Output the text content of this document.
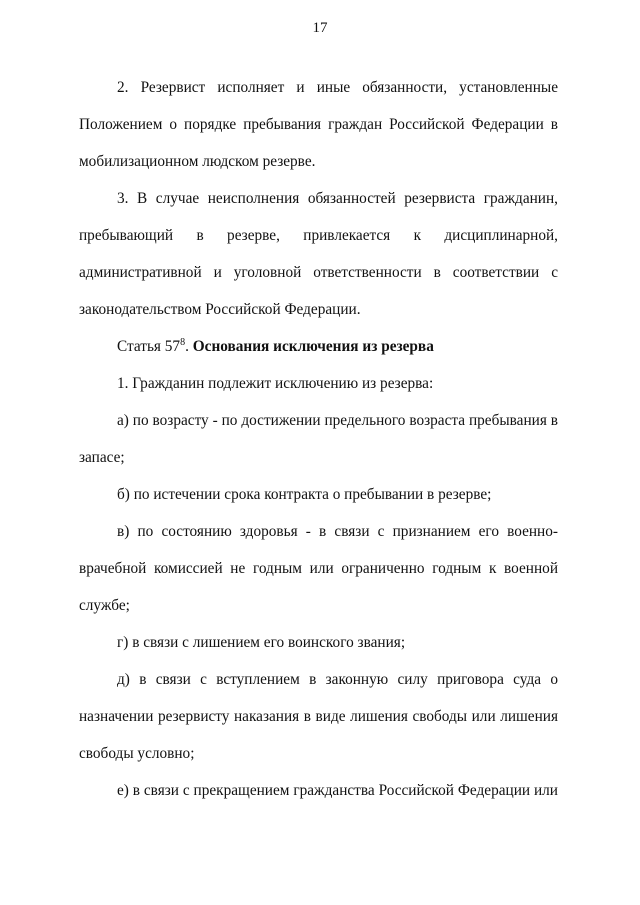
17

2. Резервист исполняет и иные обязанности, установленные
Положением о порядке пребывания граждан Российской Федерации в
мобилизационном людском резерве.

3. В случае неисполнения обязанностей резервиста гражданин,
пребывающий в резерве, привлекается к дисциплинарной,
административной и уголовной ответственности в соответствии с
законодательством Российской Федерации.

Статья $57^8$. Основания исключения из резерва

1. Гражданин подлежит исключению из резерва:

а) по возрасту - по достижении предельного возраста пребывания в
запасе;

б) по истечении срока контракта о пребывании в резерве;

в) по состоянию здоровья - в связи с признанием его военно-
врачебной комиссией не годным или ограниченно годным к военной
службе;

г) в связи с лишением его воинского звания;

д) в связи с вступлением в законную силу приговора суда о
назначении резервисту наказания в виде лишения свободы или лишения
свободы условно;

е) в связи с прекращением гражданства Российской Федерации или
